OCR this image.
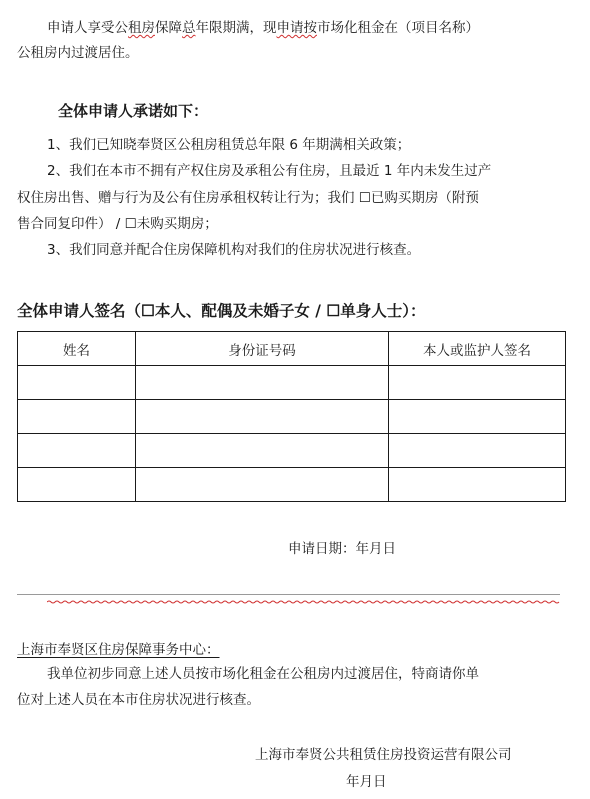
申请人享受公租房保障总年限期满，现申请按市场化租金在（项目名称）
公租房内过渡居住。
全体申请人承诺如下：
1、我们已知晓奉贤区公租房租赁总年限 6 年期满相关政策；
2、我们在本市不拥有产权住房及承租公有住房，且最近 1 年内未发生过产
权住房出售、赠与行为及公有住房承租权转让行为；我们 ☐已购买期房（附预
售合同复印件） / ☐未购买期房；
3、我们同意并配合住房保障机构对我们的住房状况进行核查。
全体申请人签名（☐本人、配偶及未婚子女 / ☐单身人士）：
姓名	身份证号码	本人或监护人签名

申请日期：年月日
上海市奉贤区住房保障事务中心：
我单位初步同意上述人员按市场化租金在公租房内过渡居住，特商请你单
位对上述人员在本市住房状况进行核查。
上海市奉贤公共租赁住房投资运营有限公司
年月日
